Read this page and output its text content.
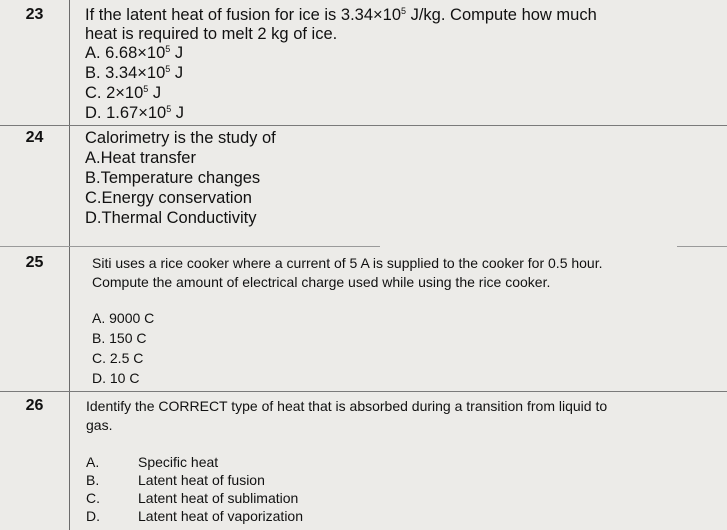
23	If the latent heat of fusion for ice is $3.34\times 10^5$ J/kg. Compute how much
heat is required to melt 2 kg of ice.
A. $6.68\times 10^5$ J
B. $3.34\times 10^5$ J
C. $2\times 10^5$ J
D. $1.67\times 10^5$ J
24	Calorimetry is the study of
A.Heat transfer
B.Temperature changes
C.Energy conservation
D.Thermal Conductivity
25	Siti uses a rice cooker where a current of 5 A is supplied to the cooker for 0.5 hour.
Compute the amount of electrical charge used while using the rice cooker.
A. 9000 C
B. 150 C
C. 2.5 C
D. 10 C
26	Identify the CORRECT type of heat that is absorbed during a transition from liquid to
gas.
A.	Specific heat
B.	Latent heat of fusion
C.	Latent heat of sublimation
D.	Latent heat of vaporization
